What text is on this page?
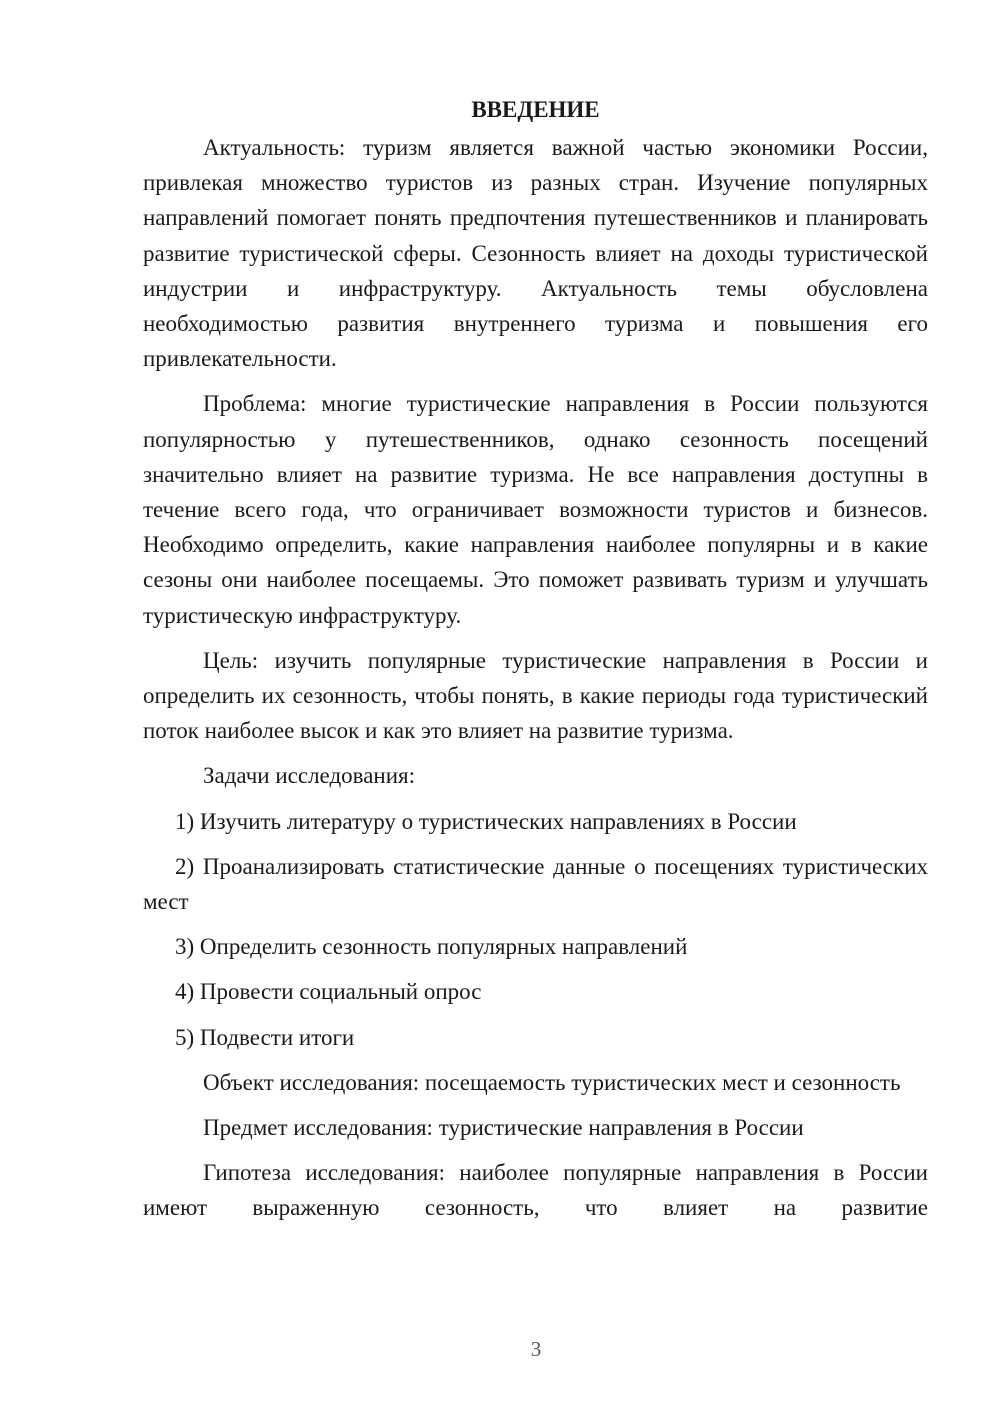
ВВЕДЕНИЕ

Актуальность: туризм является важной частью экономики России, привлекая множество туристов из разных стран. Изучение популярных направлений помогает понять предпочтения путешественников и планировать развитие туристической сферы. Сезонность влияет на доходы туристической индустрии и инфраструктуру. Актуальность темы обусловлена необходимостью развития внутреннего туризма и повышения его привлекательности.

Проблема: многие туристические направления в России пользуются популярностью у путешественников, однако сезонность посещений значительно влияет на развитие туризма. Не все направления доступны в течение всего года, что ограничивает возможности туристов и бизнесов. Необходимо определить, какие направления наиболее популярны и в какие сезоны они наиболее посещаемы. Это поможет развивать туризм и улучшать туристическую инфраструктуру.

Цель: изучить популярные туристические направления в России и определить их сезонность, чтобы понять, в какие периоды года туристический поток наиболее высок и как это влияет на развитие туризма.

Задачи исследования:

1) Изучить литературу о туристических направлениях в России

2) Проанализировать статистические данные о посещениях туристических мест

3) Определить сезонность популярных направлений

4) Провести социальный опрос

5) Подвести итоги

Объект исследования: посещаемость туристических мест и сезонность

Предмет исследования: туристические направления в России

Гипотеза исследования: наиболее популярные направления в России имеют выраженную сезонность, что влияет на развитие

3
